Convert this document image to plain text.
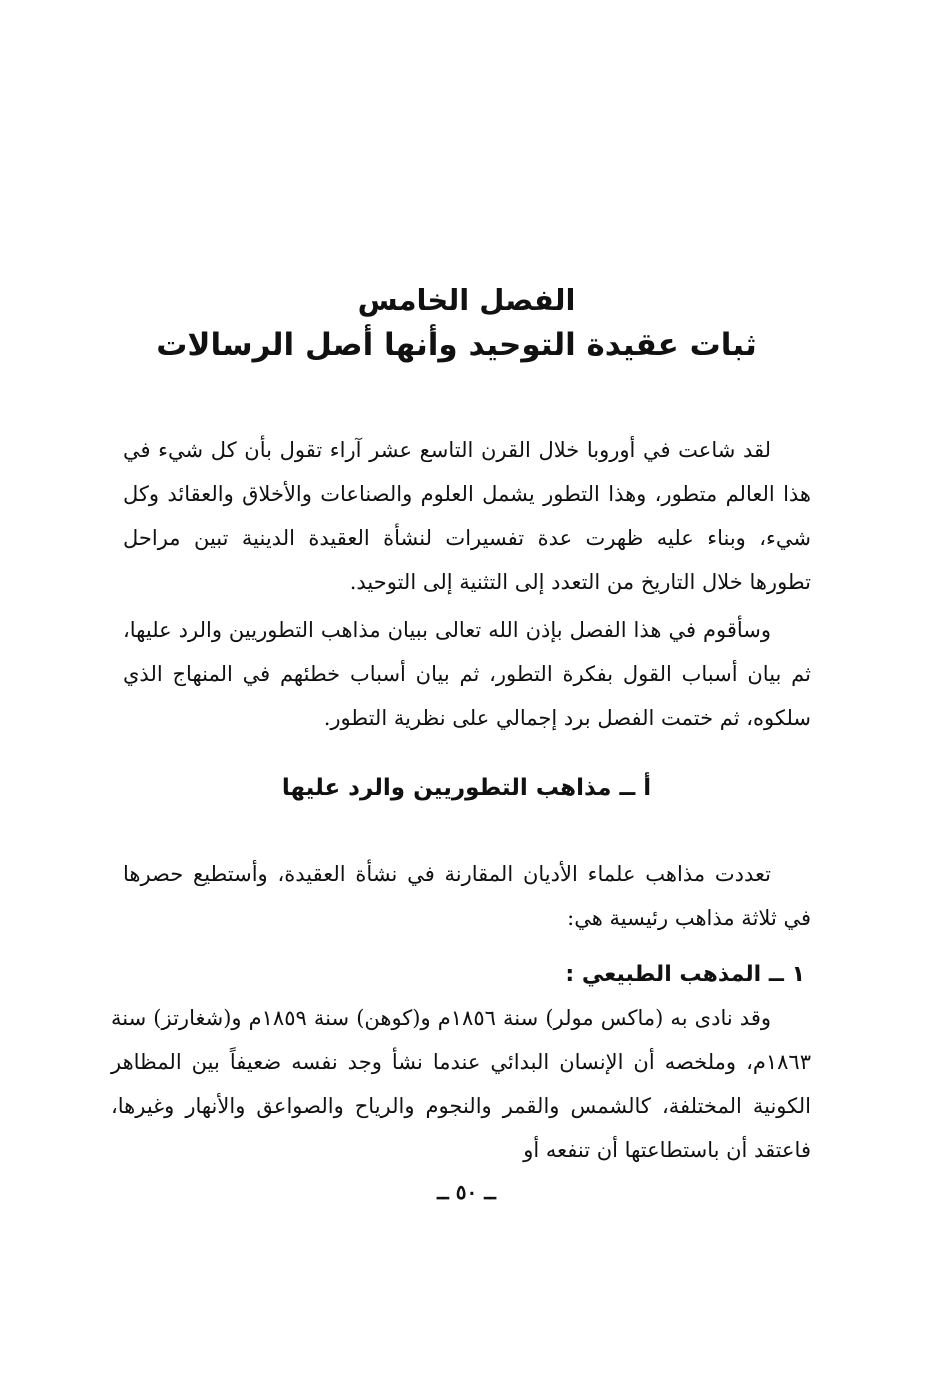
الفصل الخامس
ثبات عقيدة التوحيد وأنها أصل الرسالات

لقد شاعت في أوروبا خلال القرن التاسع عشر آراء تقول بأن كل شيء في هذا العالم متطور، وهذا التطور يشمل العلوم والصناعات والأخلاق والعقائد وكل شيء، وبناء عليه ظهرت عدة تفسيرات لنشأة العقيدة الدينية تبين مراحل تطورها خلال التاريخ من التعدد إلى التثنية إلى التوحيد.

وسأقوم في هذا الفصل بإذن الله تعالى ببيان مذاهب التطوريين والرد عليها، ثم بيان أسباب القول بفكرة التطور، ثم بيان أسباب خطئهم في المنهاج الذي سلكوه، ثم ختمت الفصل برد إجمالي على نظرية التطور.

أ ــ مذاهب التطوريين والرد عليها

تعددت مذاهب علماء الأديان المقارنة في نشأة العقيدة، وأستطيع حصرها في ثلاثة مذاهب رئيسية هي:

١ ــ المذهب الطبيعي :

وقد نادى به (ماكس مولر) سنة ١٨٥٦م و(كوهن) سنة ١٨٥٩م و(شغارتز) سنة ١٨٦٣م، وملخصه أن الإنسان البدائي عندما نشأ وجد نفسه ضعيفاً بين المظاهر الكونية المختلفة، كالشمس والقمر والنجوم والرياح والصواعق والأنهار وغيرها، فاعتقد أن باستطاعتها أن تنفعه أو

ــ ٥٠ ــ
